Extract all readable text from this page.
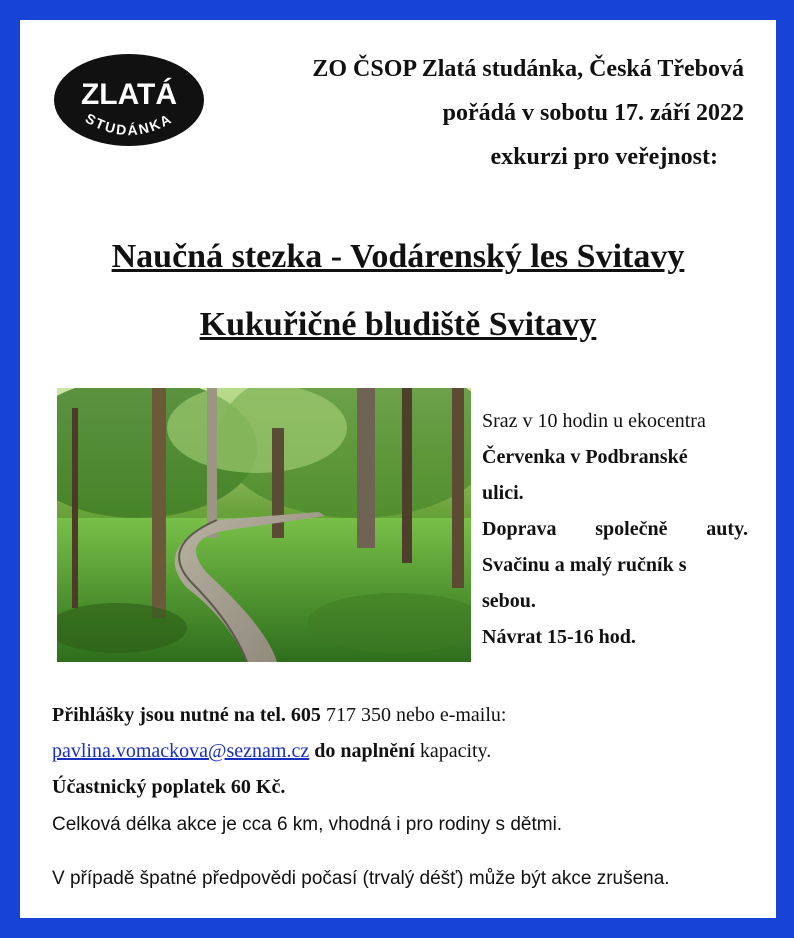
ZLATÁ
STUDÁNKA
ZO ČSOP Zlatá studánka, Česká Třebová
pořádá v sobotu 17. září 2022
exkurzi pro veřejnost:
Naučná stezka - Vodárenský les Svitavy
Kukuřičné bludiště Svitavy
Sraz v 10 hodin u ekocentra
Červenka v Podbranské
ulici.
Doprava společně auty.
Svačinu a malý ručník s
sebou.
Návrat 15-16 hod.
Přihlášky jsou nutné na tel. 605 717 350 nebo e-mailu:
pavlina.vomackova@seznam.cz do naplnění kapacity.
Účastnický poplatek 60 Kč.
Celková délka akce je cca 6 km, vhodná i pro rodiny s dětmi.
V případě špatné předpovědi počasí (trvalý déšť) může být akce zrušena.
